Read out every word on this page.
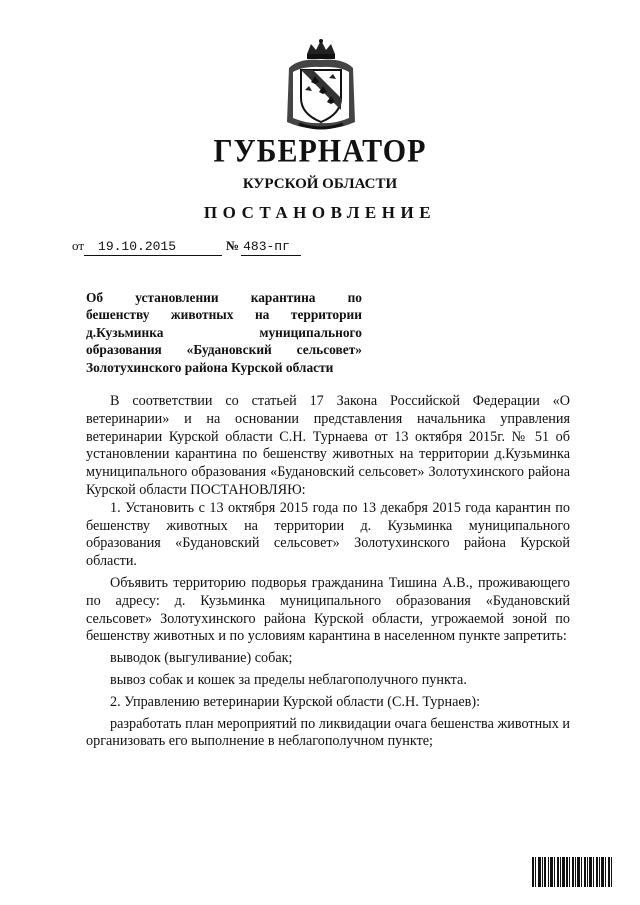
ГУБЕРНАТОР
КУРСКОЙ ОБЛАСТИ
ПОСТАНОВЛЕНИЕ
от 19.10.2015	№ 483-пг
Об установлении карантина по
бешенству животных на территории
д.Кузьминка муниципального
образования «Будановский сельсовет»
Золотухинского района Курской области

В соответствии со статьей 17 Закона Российской Федерации «О ветеринарии» и на основании представления начальника управления ветеринарии Курской области С.Н. Турнаева от 13 октября 2015г. № 51 об установлении карантина по бешенству животных на территории д.Кузьминка муниципального образования «Будановский сельсовет» Золотухинского района Курской области ПОСТАНОВЛЯЮ:

1. Установить с 13 октября 2015 года по 13 декабря 2015 года карантин по бешенству животных на территории д. Кузьминка муниципального образования «Будановский сельсовет» Золотухинского района Курской области.

Объявить территорию подворья гражданина Тишина А.В., проживающего по адресу: д. Кузьминка муниципального образования «Будановский сельсовет» Золотухинского района Курской области, угрожаемой зоной по бешенству животных и по условиям карантина в населенном пункте запретить:

выводок (выгуливание) собак;

вывоз собак и кошек за пределы неблагополучного пункта.

2. Управлению ветеринарии Курской области (С.Н. Турнаев):

разработать план мероприятий по ликвидации очага бешенства животных и организовать его выполнение в неблагополучном пункте;
